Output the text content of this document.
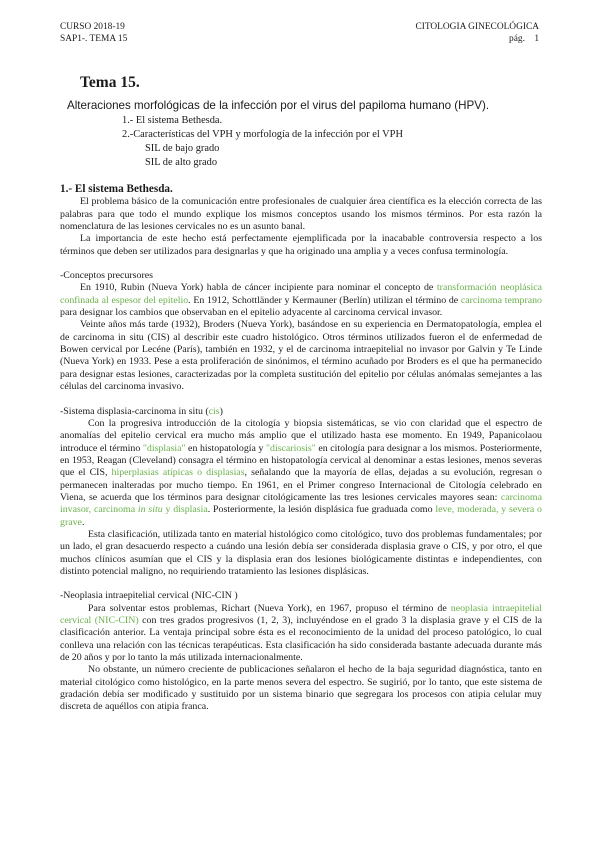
CURSO 2018-19
SAP1-. TEMA 15
CITOLOGIA GINECOLÓGICA
pág. 1
Tema 15.
Alteraciones morfológicas de la infección por el virus del papiloma humano (HPV).
1.- El sistema Bethesda.
2.-Características del VPH y morfología de la infección por el VPH
SIL de bajo grado
SIL de alto grado

1.- El sistema Bethesda.

El problema básico de la comunicación entre profesionales de cualquier área científica es la elección correcta de las palabras para que todo el mundo explique los mismos conceptos usando los mismos términos. Por esta razón la nomenclatura de las lesiones cervicales no es un asunto banal.

La importancia de este hecho está perfectamente ejemplificada por la inacabable controversia respecto a los términos que deben ser utilizados para designarlas y que ha originado una amplia y a veces confusa terminología.

-Conceptos precursores

En 1910, Rubin (Nueva York) habla de cáncer incipiente para nominar el concepto de transformación neoplásica confinada al espesor del epitelio. En 1912, Schottländer y Kermauner (Berlín) utilizan el término de carcinoma temprano para designar los cambios que observaban en el epitelio adyacente al carcinoma cervical invasor.

Veinte años más tarde (1932), Broders (Nueva York), basándose en su experiencia en Dermatopatología, emplea el de carcinoma in situ (CIS) al describir este cuadro histológico. Otros términos utilizados fueron el de enfermedad de Bowen cervical por Lecéne (París), también en 1932, y el de carcinoma intraepitelial no invasor por Galvin y Te Linde (Nueva York) en 1933. Pese a esta proliferación de sinónimos, el término acuñado por Broders es el que ha permanecido para designar estas lesiones, caracterizadas por la completa sustitución del epitelio por células anómalas semejantes a las células del carcinoma invasivo.

-Sistema displasia-carcinoma in situ (cis)

Con la progresiva introducción de la citología y biopsia sistemáticas, se vio con claridad que el espectro de anomalías del epitelio cervical era mucho más amplio que el utilizado hasta ese momento. En 1949, Papanicolaou introduce el término "displasia" en histopatología y "discariosis" en citología para designar a los mismos. Posteriormente, en 1953, Reagan (Cleveland) consagra el término en histopatología cervical al denominar a estas lesiones, menos severas que el CIS, hiperplasias atípicas o displasias, señalando que la mayoría de ellas, dejadas a su evolución, regresan o permanecen inalteradas por mucho tiempo. En 1961, en el Primer congreso Internacional de Citología celebrado en Viena, se acuerda que los términos para designar citológicamente las tres lesiones cervicales mayores sean: carcinoma invasor, carcinoma in situ y displasia. Posteriormente, la lesión displásica fue graduada como leve, moderada, y severa o grave.

Esta clasificación, utilizada tanto en material histológico como citológico, tuvo dos problemas fundamentales; por un lado, el gran desacuerdo respecto a cuándo una lesión debía ser considerada displasia grave o CIS, y por otro, el que muchos clínicos asumían que el CIS y la displasia eran dos lesiones biológicamente distintas e independientes, con distinto potencial maligno, no requiriendo tratamiento las lesiones displásicas.

-Neoplasia intraepitelial cervical (NIC-CIN )

Para solventar estos problemas, Richart (Nueva York), en 1967, propuso el término de neoplasia intraepitelial cervical (NIC-CIN) con tres grados progresivos (1, 2, 3), incluyéndose en el grado 3 la displasia grave y el CIS de la clasificación anterior. La ventaja principal sobre ésta es el reconocimiento de la unidad del proceso patológico, lo cual conlleva una relación con las técnicas terapéuticas. Esta clasificación ha sido considerada bastante adecuada durante más de 20 años y por lo tanto la más utilizada internacionalmente.

No obstante, un número creciente de publicaciones señalaron el hecho de la baja seguridad diagnóstica, tanto en material citológico como histológico, en la parte menos severa del espectro. Se sugirió, por lo tanto, que este sistema de gradación debía ser modificado y sustituido por un sistema binario que segregara los procesos con atipia celular muy discreta de aquéllos con atipia franca.
